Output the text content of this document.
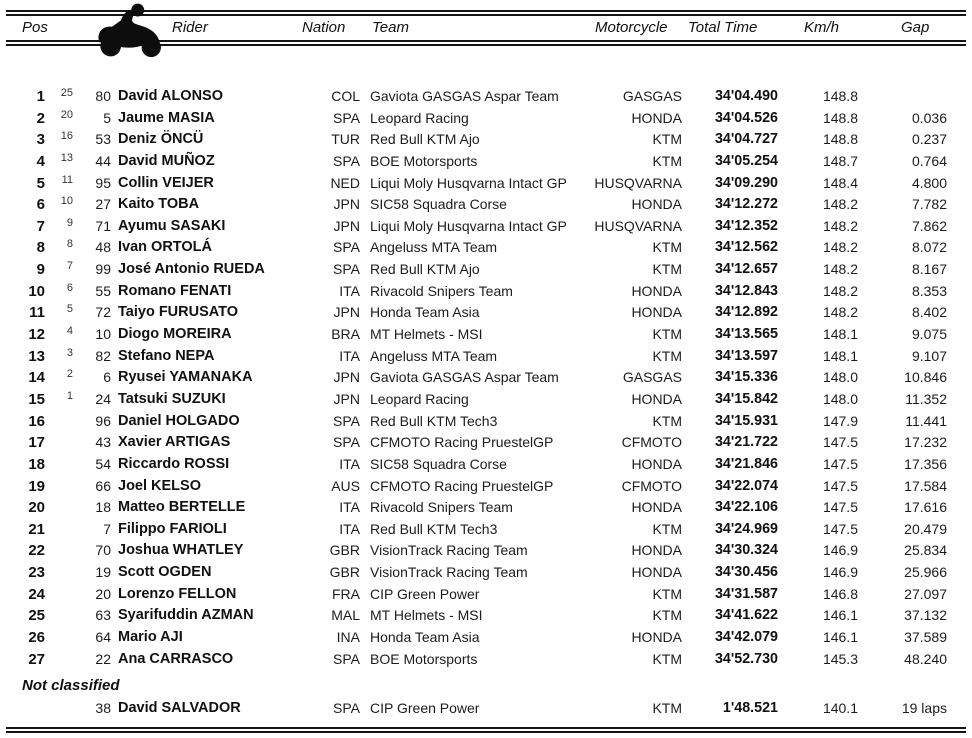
Pos	Rider	Nation Team	Motorcycle Total Time	Km/h	Gap
1	25	80 David ALONSO	COL Gaviota GASGAS Aspar Team	GASGAS	34'04.490	148.8
2	20	5 Jaume MASIA	SPA Leopard Racing	HONDA	34'04.526	148.8	0.036
3	16	53 Deniz ÖNCÜ	TUR Red Bull KTM Ajo	KTM	34'04.727	148.8	0.237
4	13	44 David MUÑOZ	SPA BOE Motorsports	KTM	34'05.254	148.7	0.764
5	11	95 Collin VEIJER	NED Liqui Moly Husqvarna Intact GP	HUSQVARNA	34'09.290	148.4	4.800
6	10	27 Kaito TOBA	JPN SIC58 Squadra Corse	HONDA	34'12.272	148.2	7.782
7	9	71 Ayumu SASAKI	JPN Liqui Moly Husqvarna Intact GP	HUSQVARNA	34'12.352	148.2	7.862
8	8	48 Ivan ORTOLÁ	SPA Angeluss MTA Team	KTM	34'12.562	148.2	8.072
9	7	99 José Antonio RUEDA	SPA Red Bull KTM Ajo	KTM	34'12.657	148.2	8.167
10	6	55 Romano FENATI	ITA Rivacold Snipers Team	HONDA	34'12.843	148.2	8.353
11	5	72 Taiyo FURUSATO	JPN Honda Team Asia	HONDA	34'12.892	148.2	8.402
12	4	10 Diogo MOREIRA	BRA MT Helmets - MSI	KTM	34'13.565	148.1	9.075
13	3	82 Stefano NEPA	ITA Angeluss MTA Team	KTM	34'13.597	148.1	9.107
14	2	6 Ryusei YAMANAKA	JPN Gaviota GASGAS Aspar Team	GASGAS	34'15.336	148.0	10.846
15	1	24 Tatsuki SUZUKI	JPN Leopard Racing	HONDA	34'15.842	148.0	11.352
16	96 Daniel HOLGADO	SPA Red Bull KTM Tech3	KTM	34'15.931	147.9	11.441
17	43 Xavier ARTIGAS	SPA CFMOTO Racing PruestelGP	CFMOTO	34'21.722	147.5	17.232
18	54 Riccardo ROSSI	ITA SIC58 Squadra Corse	HONDA	34'21.846	147.5	17.356
19	66 Joel KELSO	AUS CFMOTO Racing PruestelGP	CFMOTO	34'22.074	147.5	17.584
20	18 Matteo BERTELLE	ITA Rivacold Snipers Team	HONDA	34'22.106	147.5	17.616
21	7 Filippo FARIOLI	ITA Red Bull KTM Tech3	KTM	34'24.969	147.5	20.479
22	70 Joshua WHATLEY	GBR VisionTrack Racing Team	HONDA	34'30.324	146.9	25.834
23	19 Scott OGDEN	GBR VisionTrack Racing Team	HONDA	34'30.456	146.9	25.966
24	20 Lorenzo FELLON	FRA CIP Green Power	KTM	34'31.587	146.8	27.097
25	63 Syarifuddin AZMAN	MAL MT Helmets - MSI	KTM	34'41.622	146.1	37.132
26	64 Mario AJI	INA Honda Team Asia	HONDA	34'42.079	146.1	37.589
27	22 Ana CARRASCO	SPA BOE Motorsports	KTM	34'52.730	145.3	48.240
Not classified
38 David SALVADOR	SPA CIP Green Power	KTM	1'48.521	140.1	19 laps
